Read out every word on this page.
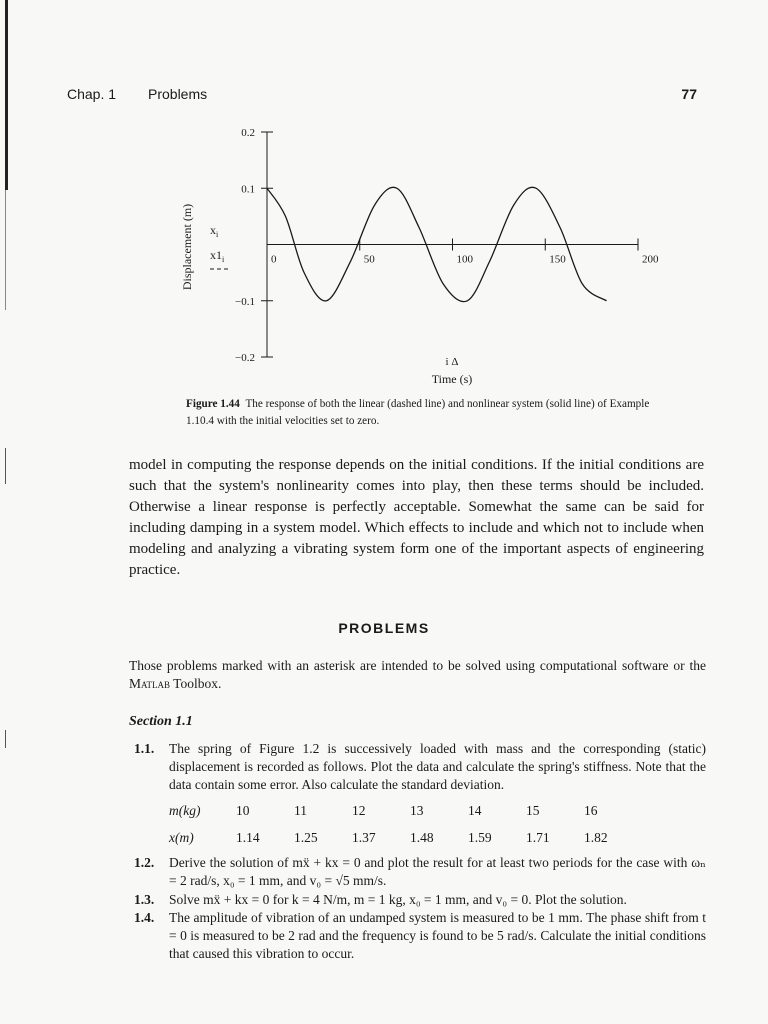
Chap. 1 Problems	77
−0.2
−0.1
0.1
0.2
0	50	100	150	200
Displacement (m) $x_i$
$x1_i$
i Δ
Time (s)
Figure 1.44 The response of both the linear (dashed line) and nonlinear system (solid line) of Example 1.10.4 with the initial velocities set to zero.
model in computing the response depends on the initial conditions. If the initial conditions are such that the system's nonlinearity comes into play, then these terms should be included. Otherwise a linear response is perfectly acceptable. Somewhat the same can be said for including damping in a system model. Which effects to include and which not to include when modeling and analyzing a vibrating system form one of the important aspects of engineering practice.
PROBLEMS
Those problems marked with an asterisk are intended to be solved using computational software or the Matlab Toolbox.
Section 1.1
1.1. The spring of Figure 1.2 is successively loaded with mass and the corresponding (static) displacement is recorded as follows. Plot the data and calculate the spring's stiffness. Note that the data contain some error. Also calculate the standard deviation.
m(kg)	10	11	12	13	14	15	16
x(m)	1.14	1.25	1.37	1.48	1.59	1.71	1.82
1.2. Derive the solution of mẍ + kx = 0 and plot the result for at least two periods for the case with ωₙ = 2 rad/s, x₀ = 1 mm, and v₀ = √5 mm/s.
1.3. Solve mẍ + kx = 0 for k = 4 N/m, m = 1 kg, x₀ = 1 mm, and v₀ = 0. Plot the solution.
1.4. The amplitude of vibration of an undamped system is measured to be 1 mm. The phase shift from t = 0 is measured to be 2 rad and the frequency is found to be 5 rad/s. Calculate the initial conditions that caused this vibration to occur.
